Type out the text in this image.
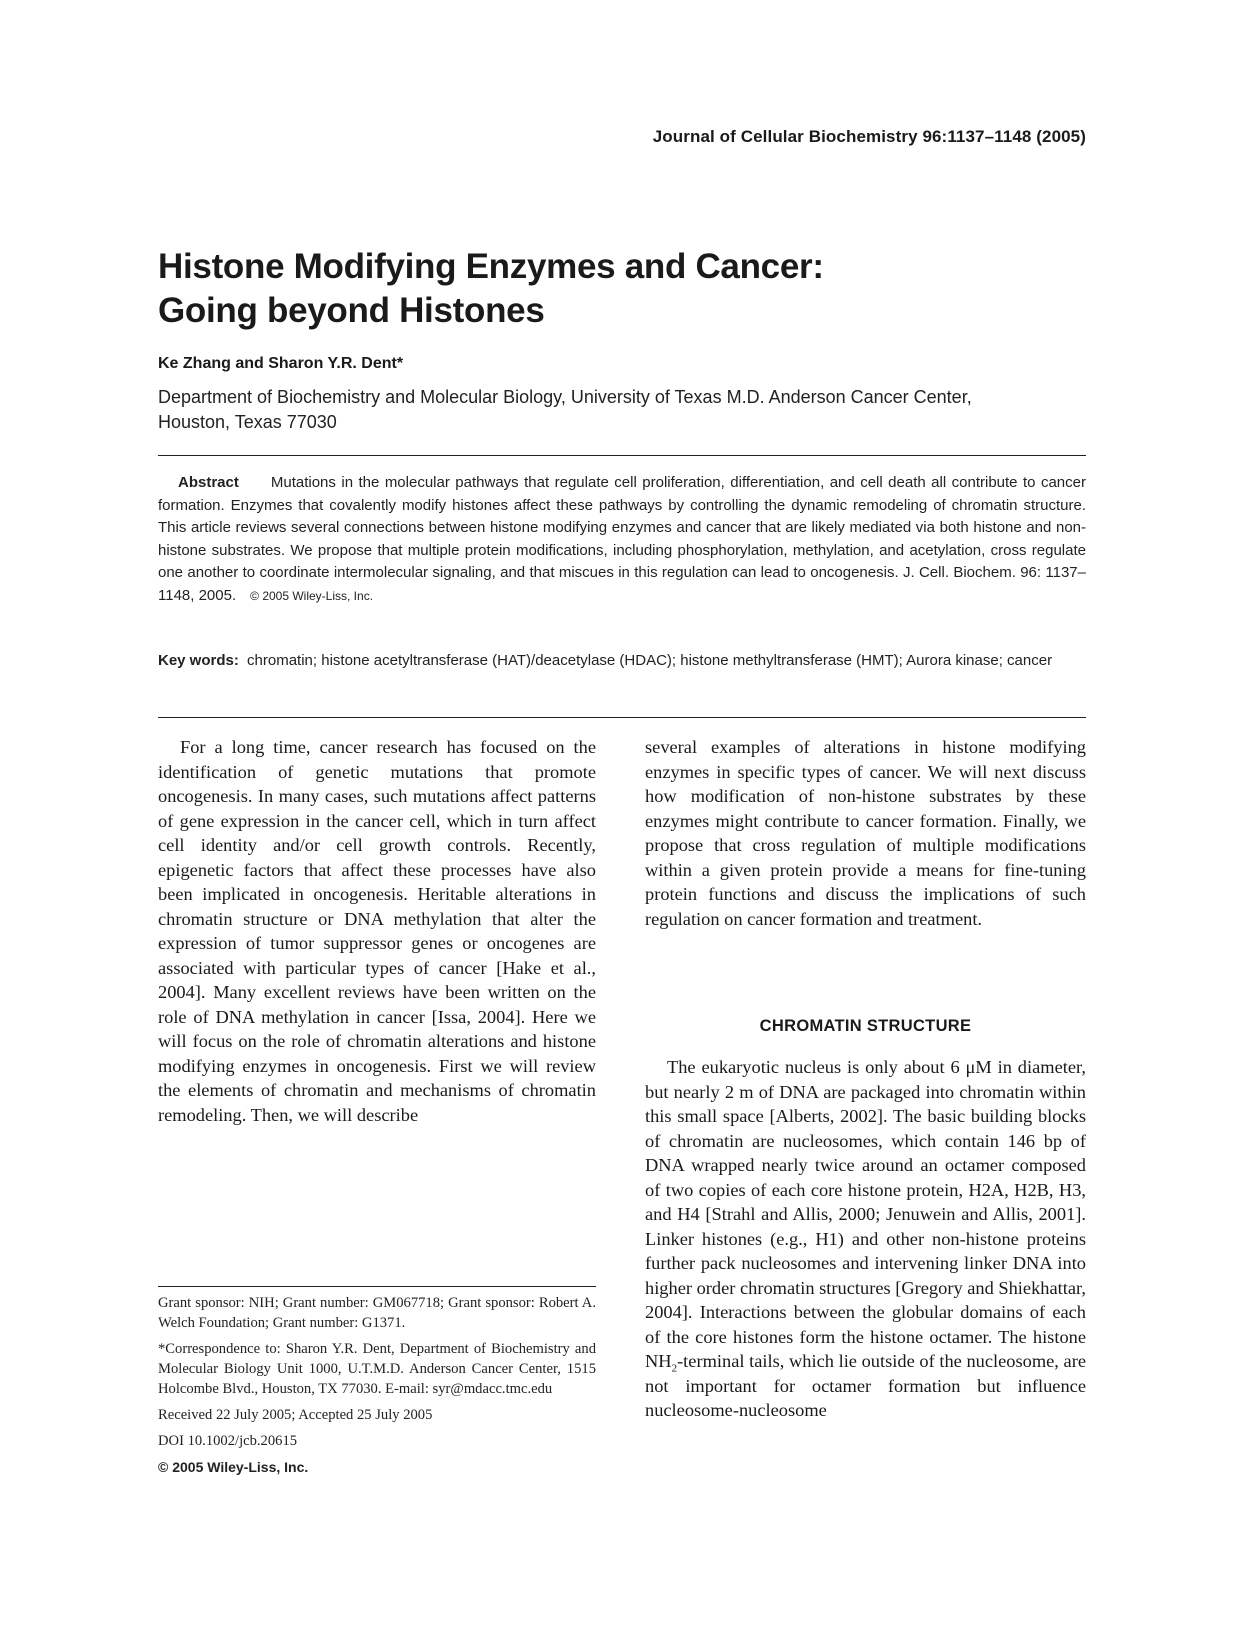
Journal of Cellular Biochemistry 96:1137–1148 (2005)
Histone Modifying Enzymes and Cancer:
Going beyond Histones
Ke Zhang and Sharon Y.R. Dent*
Department of Biochemistry and Molecular Biology, University of Texas M.D. Anderson Cancer Center,
Houston, Texas 77030
Abstract Mutations in the molecular pathways that regulate cell proliferation, differentiation, and cell death all contribute to cancer formation. Enzymes that covalently modify histones affect these pathways by controlling the dynamic remodeling of chromatin structure. This article reviews several connections between histone modifying enzymes and cancer that are likely mediated via both histone and non-histone substrates. We propose that multiple protein modifications, including phosphorylation, methylation, and acetylation, cross regulate one another to coordinate intermolecular signaling, and that miscues in this regulation can lead to oncogenesis. J. Cell. Biochem. 96: 1137–1148, 2005. © 2005 Wiley-Liss, Inc.
Key words: chromatin; histone acetyltransferase (HAT)/deacetylase (HDAC); histone methyltransferase (HMT); Aurora kinase; cancer

For a long time, cancer research has focused on the identification of genetic mutations that promote oncogenesis. In many cases, such mutations affect patterns of gene expression in the cancer cell, which in turn affect cell identity and/or cell growth controls. Recently, epigenetic factors that affect these processes have also been implicated in oncogenesis. Heritable alterations in chromatin structure or DNA methylation that alter the expression of tumor suppressor genes or oncogenes are associated with particular types of cancer [Hake et al., 2004]. Many excellent reviews have been written on the role of DNA methylation in cancer [Issa, 2004]. Here we will focus on the role of chromatin alterations and histone modifying enzymes in oncogenesis. First we will review the elements of chromatin and mechanisms of chromatin remodeling. Then, we will describe

several examples of alterations in histone modifying enzymes in specific types of cancer. We will next discuss how modification of non-histone substrates by these enzymes might contribute to cancer formation. Finally, we propose that cross regulation of multiple modifications within a given protein provide a means for fine-tuning protein functions and discuss the implications of such regulation on cancer formation and treatment.

CHROMATIN STRUCTURE

The eukaryotic nucleus is only about 6 μM in diameter, but nearly 2 m of DNA are packaged into chromatin within this small space [Alberts, 2002]. The basic building blocks of chromatin are nucleosomes, which contain 146 bp of DNA wrapped nearly twice around an octamer composed of two copies of each core histone protein, H2A, H2B, H3, and H4 [Strahl and Allis, 2000; Jenuwein and Allis, 2001]. Linker histones (e.g., H1) and other non-histone proteins further pack nucleosomes and intervening linker DNA into higher order chromatin structures [Gregory and Shiekhattar, 2004]. Interactions between the globular domains of each of the core histones form the histone octamer. The histone $NH_2$-terminal tails, which lie outside of the nucleosome, are not important for octamer formation but influence nucleosome-nucleosome

Grant sponsor: NIH; Grant number: GM067718; Grant sponsor: Robert A. Welch Foundation; Grant number: G1371.

*Correspondence to: Sharon Y.R. Dent, Department of Biochemistry and Molecular Biology Unit 1000, U.T.M.D. Anderson Cancer Center, 1515 Holcombe Blvd., Houston, TX 77030. E-mail: syr@mdacc.tmc.edu

Received 22 July 2005; Accepted 25 July 2005

DOI 10.1002/jcb.20615

© 2005 Wiley-Liss, Inc.
